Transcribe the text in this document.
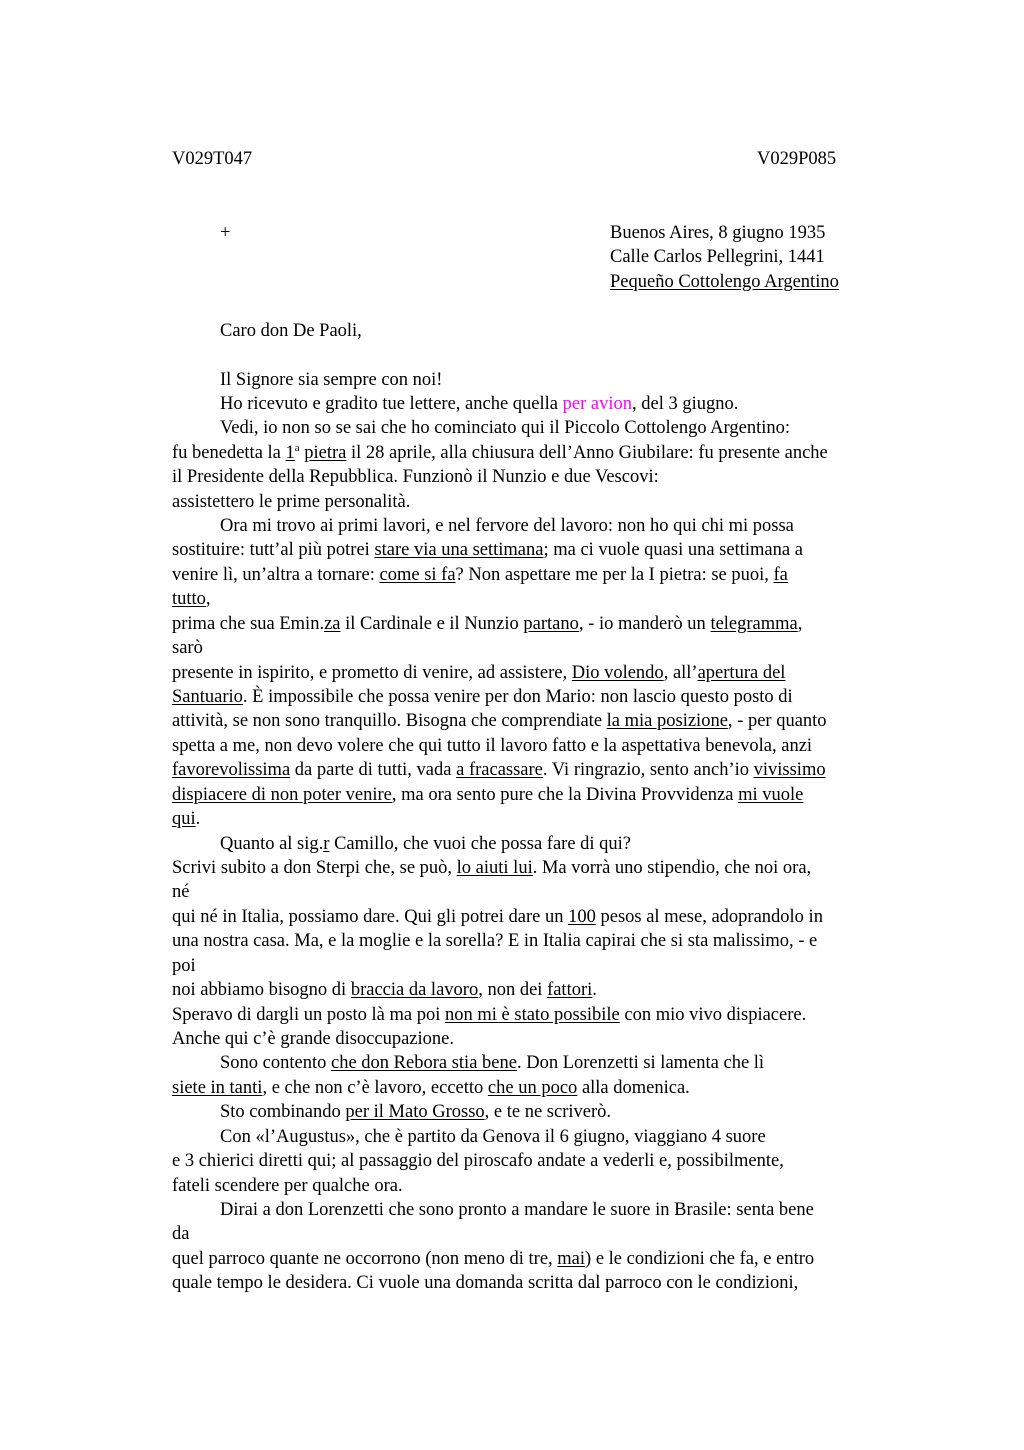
V029T047	V029P085
+	Buenos Aires, 8 giugno 1935
Calle Carlos Pellegrini, 1441
Pequeño Cottolengo Argentino
Caro don De Paoli,
Il Signore sia sempre con noi!
Ho ricevuto e gradito tue lettere, anche quella per avion, del 3 giugno.
Vedi, io non so se sai che ho cominciato qui il Piccolo Cottolengo Argentino:
fu benedetta la 1$^a$ pietra il 28 aprile, alla chiusura dell’Anno Giubilare: fu presente anche
il Presidente della Repubblica. Funzionò il Nunzio e due Vescovi:
assistettero le prime personalità.
Ora mi trovo ai primi lavori, e nel fervore del lavoro: non ho qui chi mi possa
sostituire: tutt’al più potrei stare via una settimana; ma ci vuole quasi una settimana a
venire lì, un’altra a tornare: come si fa? Non aspettare me per la I pietra: se puoi, fa
tutto,
prima che sua Emin.za il Cardinale e il Nunzio partano, - io manderò un telegramma,
sarò
presente in ispirito, e prometto di venire, ad assistere, Dio volendo, all’apertura del
Santuario. È impossibile che possa venire per don Mario: non lascio questo posto di
attività, se non sono tranquillo. Bisogna che comprendiate la mia posizione, - per quanto
spetta a me, non devo volere che qui tutto il lavoro fatto e la aspettativa benevola, anzi
favorevolissima da parte di tutti, vada a fracassare. Vi ringrazio, sento anch’io vivissimo
dispiacere di non poter venire, ma ora sento pure che la Divina Provvidenza mi vuole
qui.
Quanto al sig.r Camillo, che vuoi che possa fare di qui?
Scrivi subito a don Sterpi che, se può, lo aiuti lui. Ma vorrà uno stipendio, che noi ora,
né
qui né in Italia, possiamo dare. Qui gli potrei dare un 100 pesos al mese, adoprandolo in
una nostra casa. Ma, e la moglie e la sorella? E in Italia capirai che si sta malissimo, - e
poi
noi abbiamo bisogno di braccia da lavoro, non dei fattori.
Speravo di dargli un posto là ma poi non mi è stato possibile con mio vivo dispiacere.
Anche qui c’è grande disoccupazione.
Sono contento che don Rebora stia bene. Don Lorenzetti si lamenta che lì
siete in tanti, e che non c’è lavoro, eccetto che un poco alla domenica.
Sto combinando per il Mato Grosso, e te ne scriverò.
Con «l’Augustus», che è partito da Genova il 6 giugno, viaggiano 4 suore
e 3 chierici diretti qui; al passaggio del piroscafo andate a vederli e, possibilmente,
fateli scendere per qualche ora.
Dirai a don Lorenzetti che sono pronto a mandare le suore in Brasile: senta bene
da
quel parroco quante ne occorrono (non meno di tre, mai) e le condizioni che fa, e entro
quale tempo le desidera. Ci vuole una domanda scritta dal parroco con le condizioni,
